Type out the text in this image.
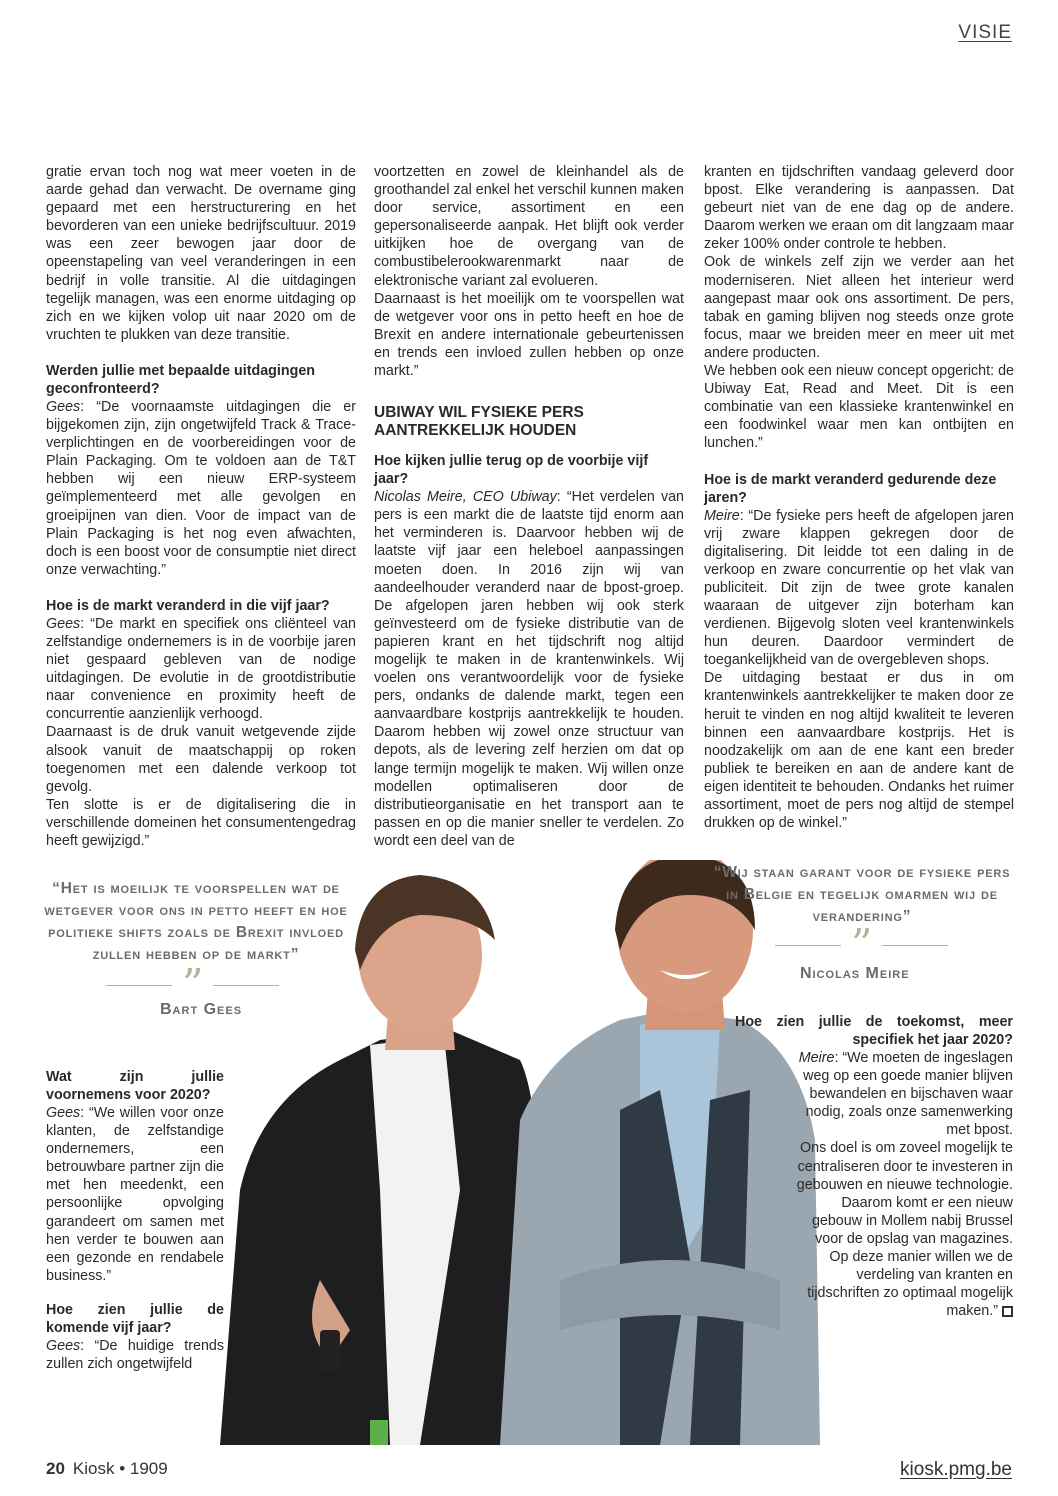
VISIE

gratie ervan toch nog wat meer voeten in de aarde gehad dan verwacht. De overname ging gepaard met een herstructurering en het bevorderen van een unieke bedrijfscultuur. 2019 was een zeer bewogen jaar door de opeenstapeling van veel veranderingen in een bedrijf in volle transitie. Al die uitdagingen tegelijk managen, was een enorme uitdaging op zich en we kijken volop uit naar 2020 om de vruchten te plukken van deze transitie.

Werden jullie met bepaalde uitdagingen geconfronteerd?

Gees: “De voornaamste uitdagingen die er bijgekomen zijn, zijn ongetwijfeld Track & Trace-verplichtingen en de voorbereidingen voor de Plain Packaging. Om te voldoen aan de T&T hebben wij een nieuw ERP-systeem geïmplementeerd met alle gevolgen en groeipijnen van dien. Voor de impact van de Plain Packaging is het nog even afwachten, doch is een boost voor de consumptie niet direct onze verwachting.”

Hoe is de markt veranderd in die vijf jaar?

Gees: “De markt en specifiek ons cliënteel van zelfstandige ondernemers is in de voorbije jaren niet gespaard gebleven van de nodige uitdagingen. De evolutie in de grootdistributie naar convenience en proximity heeft de concurrentie aanzienlijk verhoogd.

Daarnaast is de druk vanuit wetgevende zijde alsook vanuit de maatschappij op roken toegenomen met een dalende verkoop tot gevolg.

Ten slotte is er de digitalisering die in verschillende domeinen het consumentengedrag heeft gewijzigd.”

voortzetten en zowel de kleinhandel als de groothandel zal enkel het verschil kunnen maken door service, assortiment en een gepersonaliseerde aanpak. Het blijft ook verder uitkijken hoe de overgang van de combustibelerookwarenmarkt naar de elektronische variant zal evolueren.

Daarnaast is het moeilijk om te voorspellen wat de wetgever voor ons in petto heeft en hoe de Brexit en andere internationale gebeurtenissen en trends een invloed zullen hebben op onze markt.”

UBIWAY WIL FYSIEKE PERS AANTREKKELIJK HOUDEN
Hoe kijken jullie terug op de voorbije vijf jaar?

Nicolas Meire, CEO Ubiway: “Het verdelen van pers is een markt die de laatste tijd enorm aan het verminderen is. Daarvoor hebben wij de laatste vijf jaar een heleboel aanpassingen moeten doen. In 2016 zijn wij van aandeelhouder veranderd naar de bpost-groep. De afgelopen jaren hebben wij ook sterk geïnvesteerd om de fysieke distributie van de papieren krant en het tijdschrift nog altijd mogelijk te maken in de krantenwinkels. Wij voelen ons verantwoordelijk voor de fysieke pers, ondanks de dalende markt, tegen een aanvaardbare kostprijs aantrekkelijk te houden. Daarom hebben wij zowel onze structuur van depots, als de levering zelf herzien om dat op lange termijn mogelijk te maken. Wij willen onze modellen optimaliseren door de distributieorganisatie en het transport aan te passen en op die manier sneller te verdelen. Zo wordt een deel van de

kranten en tijdschriften vandaag geleverd door bpost. Elke verandering is aanpassen. Dat gebeurt niet van de ene dag op de andere. Daarom werken we eraan om dit langzaam maar zeker 100% onder controle te hebben.

Ook de winkels zelf zijn we verder aan het moderniseren. Niet alleen het interieur werd aangepast maar ook ons assortiment. De pers, tabak en gaming blijven nog steeds onze grote focus, maar we breiden meer en meer uit met andere producten.

We hebben ook een nieuw concept opgericht: de Ubiway Eat, Read and Meet. Dit is een combinatie van een klassieke krantenwinkel en een foodwinkel waar men kan ontbijten en lunchen.”

Hoe is de markt veranderd gedurende deze jaren?

Meire: “De fysieke pers heeft de afgelopen jaren vrij zware klappen gekregen door de digitalisering. Dit leidde tot een daling in de verkoop en zware concurrentie op het vlak van publiciteit. Dit zijn de twee grote kanalen waaraan de uitgever zijn boterham kan verdienen. Bijgevolg sloten veel krantenwinkels hun deuren. Daardoor vermindert de toegankelijkheid van de overgebleven shops.

De uitdaging bestaat er dus in om krantenwinkels aantrekkelijker te maken door ze heruit te vinden en nog altijd kwaliteit te leveren binnen een aanvaardbare kostprijs. Het is noodzakelijk om aan de ene kant een breder publiek te bereiken en aan de andere kant de eigen identiteit te behouden. Ondanks het ruimer assortiment, moet de pers nog altijd de stempel drukken op de winkel.”

“Het is moeilijk te voorspellen wat de wetgever voor ons in petto heeft en hoe politieke shifts zoals de Brexit invloed zullen hebben op de markt”
”
Bart Gees
“Wij staan garant voor de fysieke pers in Belgie en tegelijk omarmen wij de verandering”
”
Nicolas Meire
Wat zijn jullie voornemens voor 2020?

Gees: “We willen voor onze klanten, de zelfstandige ondernemers, een betrouwbare partner zijn die met hen meedenkt, een persoonlijke opvolging garandeert om samen met hen verder te bouwen aan een gezonde en rendabele business.”

Hoe zien jullie de komende vijf jaar?

Gees: “De huidige trends zullen zich ongetwijfeld

Hoe zien jullie de toekomst, meer specifiek het jaar 2020?

Meire: “We moeten de ingeslagen weg op een goede manier blijven bewandelen en bijschaven waar nodig, zoals onze samenwerking met bpost.

Ons doel is om zoveel mogelijk te centraliseren door te investeren in gebouwen en nieuwe technologie. Daarom komt er een nieuw gebouw in Mollem nabij Brussel voor de opslag van magazines. Op deze manier willen we de verdeling van kranten en tijdschriften zo optimaal mogelijk maken.”

20 Kiosk • 1909	kiosk.pmg.be
